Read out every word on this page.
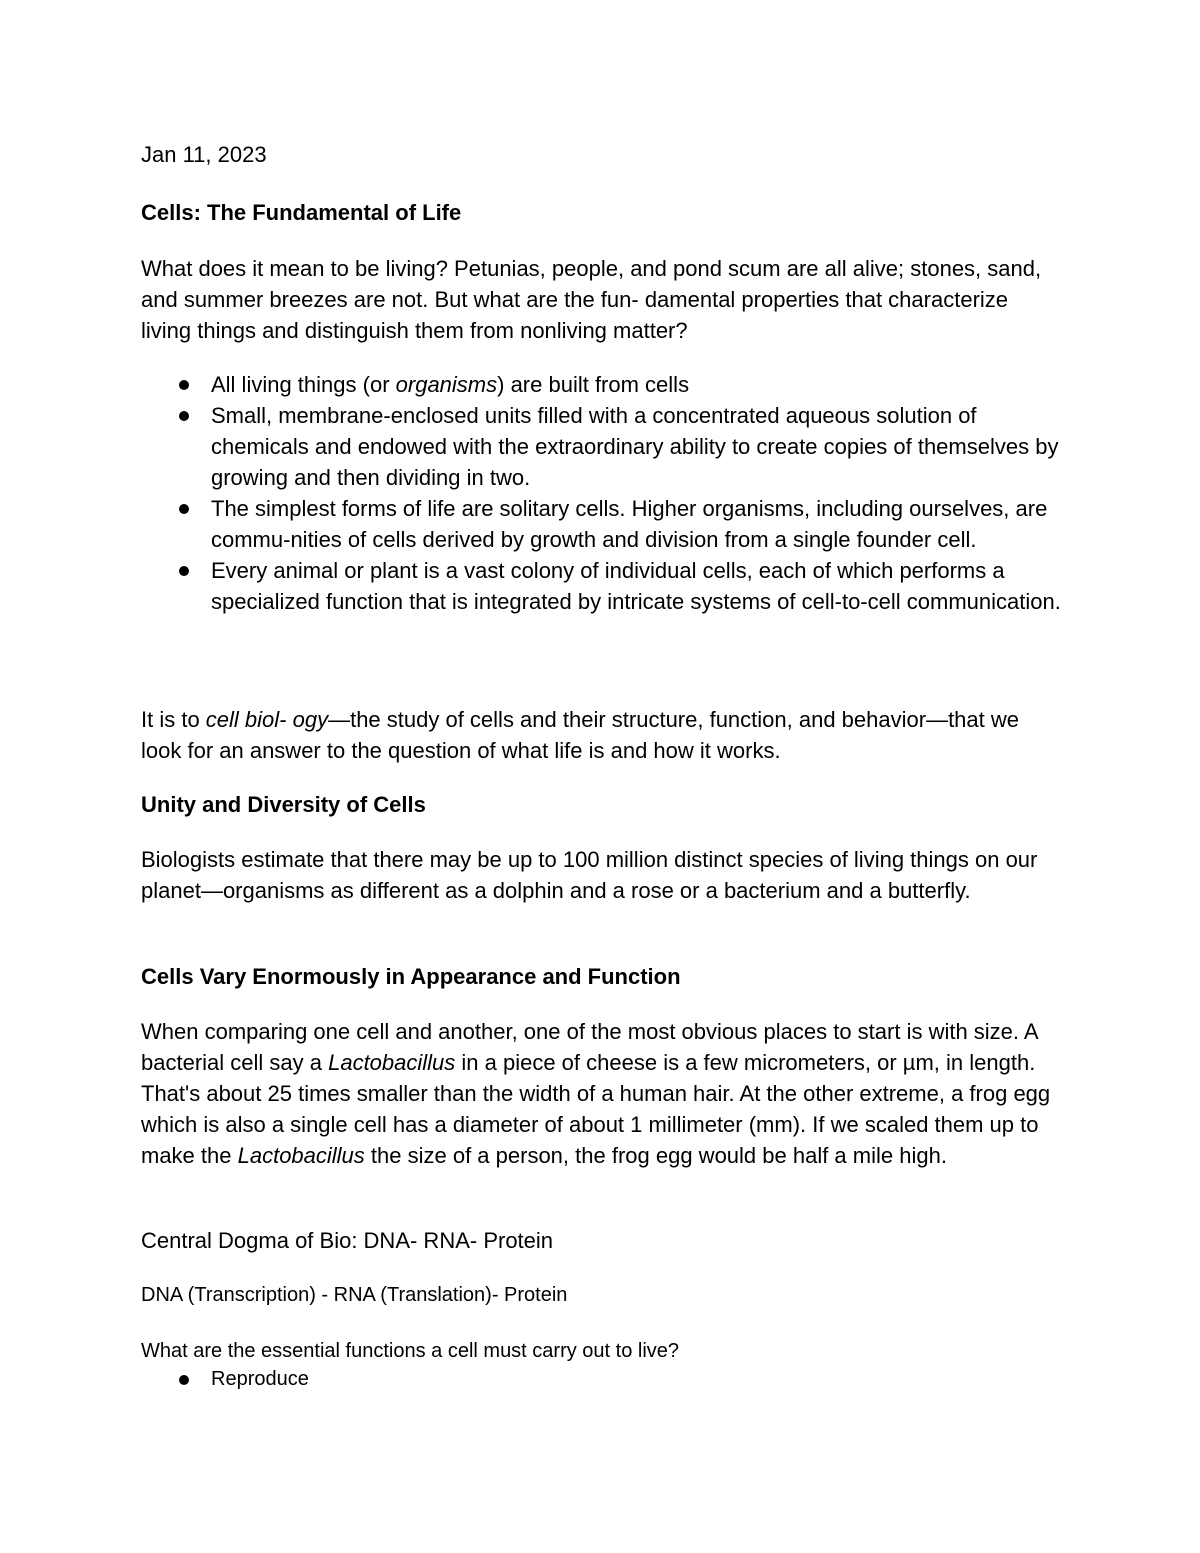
Jan 11, 2023

Cells: The Fundamental of Life

What does it mean to be living? Petunias, people, and pond scum are all alive; stones, sand, and summer breezes are not. But what are the fun- damental properties that characterize living things and distinguish them from nonliving matter?

All living things (or organisms) are built from cells
Small, membrane-enclosed units filled with a concentrated aqueous solution of chemicals and endowed with the extraordinary ability to create copies of themselves by growing and then dividing in two.
The simplest forms of life are solitary cells. Higher organisms, including ourselves, are commu-nities of cells derived by growth and division from a single founder cell.
Every animal or plant is a vast colony of individual cells, each of which performs a specialized function that is integrated by intricate systems of cell-to-cell communication.

It is to cell biol- ogy—the study of cells and their structure, function, and behavior—that we look for an answer to the question of what life is and how it works.

Unity and Diversity of Cells

Biologists estimate that there may be up to 100 million distinct species of living things on our planet—organisms as different as a dolphin and a rose or a bacterium and a butterfly.

Cells Vary Enormously in Appearance and Function

When comparing one cell and another, one of the most obvious places to start is with size. A bacterial cell say a Lactobacillus in a piece of cheese is a few micrometers, or µm, in length. That's about 25 times smaller than the width of a human hair. At the other extreme, a frog egg which is also a single cell has a diameter of about 1 millimeter (mm). If we scaled them up to make the Lactobacillus the size of a person, the frog egg would be half a mile high.

Central Dogma of Bio: DNA- RNA- Protein

DNA (Transcription) - RNA (Translation)- Protein

What are the essential functions a cell must carry out to live?

Reproduce
